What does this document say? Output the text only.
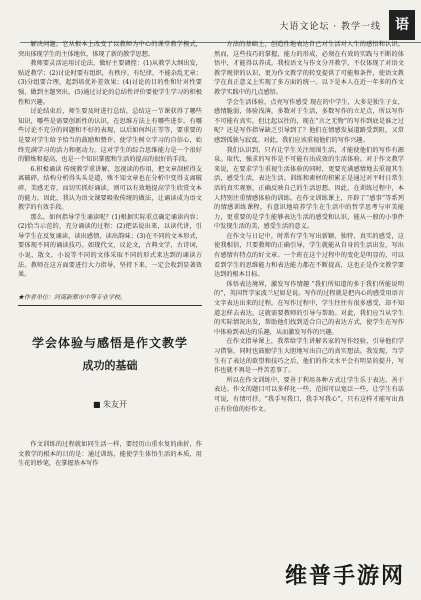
大语文论坛 · 教学一线	语

解决问题。它从根本上改变了以教师为中心的课堂教学模式，突出体现学生的主体地位，体现了新的教学思想。

教师要灵活运用讨论法，做好主要调控：(1)从教学大纲出发，贴近教学；(2)讨论时要有组织，有秩序，有纪律，不能杂乱无章；(3)分组要合理，起到培优补差效果；(4)讨论的目的性和针对性要强，做到主题突出。(5)通过讨论的总结性评价要使学生学习的积极性和兴趣。

讨论结束后，师生要及时进行总结，总结这一节课获得了哪些知识，哪些是需要创新性的认识，在思维方法上有哪些进步。有哪些讨论不充分的问题和不好的表现，以后如何纠正等等，要重要的是要对学生给予恰当的鼓励和赞许，使学生树立学习的自信心，始终充满学习的活力和驱动力。这对学生的综合思维能力是一个很好的锻炼和提高，也是一个知识掌握和生活的提高的很好的手段。

6.积极诵读 传统教学重讲解，忽视读的作用，把文章剖析得支离破碎，结构分析得头头是道，殊不知文章也在分析中变得支离破碎，美感无存，而切实抓好诵读，则可以有效地提高学生欣赏文本的能力。因此，我认为语文课要吸收传统的做法，让诵读成为语文教学的有效手段。

那么，如何指导学生诵读呢？(1)根据实际重点确定诵读内容；(2)恰当示范的，充分诵读的过程：(2)把话说出来，以读代讲，引导学生在反复诵读，读出感情，读出韵味；(3)在不同的文本形式，要体现不同的诵读技巧。如现代文，议论文，古典文学，古诗词，小说，散文，小说等不同的文体采取不同的形式来达到的诵读方法。教师在这方面要进行大力指导，坚持下来，一定会收到显著效果。

★作者单位：河南新郑市中等专业学校。
学会体验与感悟是作文教学
成功的基础
■ 朱友开

作文训练的过程就如同生活一样，要经历山重水复的曲折，作文教学的根本的目的是：通过训练，能使学生体悟生活的本质，用生花的妙笔，在掌握基本写作

方法的基础上，创造性地表达自己对生活对人生的感悟和认识。然而，这些技巧的掌握，能力的形成，必须在有效的实践与不断的体悟中，才能得以养成。我校语文与作文分开教学，不仅体现了对语文教学规律的认识，更为作文教学的转变提供了可能和条件，使语文教学在真正意义上实现了多方面的统一。以下是本人在近一年多的作文教学实践中的几点感悟。

学会生活体验，点亮写作感受 现在的中学生，大多是独生子女，感情脆弱，体验浅薄，多数对于生活，多数写作的立足点，所以写作不可能有真实，但比起以往的，现在“言之无物”的写作到底是谁之过呢？还是写作指导缺乏引导到了？他们在情感发展道路受到阻，又常感到孤独与寂寞。对此，我们应该重视他们的写作兴趣。

我们认识到，只有让学生关注周围生活，才能使他们的写作有源泉。取代，强求的写作是不可能有出成效的生活体验。对于作文教学来说，在要求学生重视生活体验的同时，更要充满感情地去重视其生活，感受生活，表达生活。训练和素材的积累正是通过对平时日常生活的真实观察，正确反映自己的生活思想。因此，在训练过程中，本人特别注重情感体验的训练。在作文训练课上，开辟了“感事”等系列的情感训练课程，有意识地培养学生在生活中的哲学思考与审美能力，更重要的是学生能够表达生活的感受和认识，能从一般的小事件中发现生活的美，感受生活的意义。

在作文与日记中，时常有学生写出新颖、独特、真实的感受，这使我相信，只要教师的正确引导，学生就能从自身的生活出发，写出有感情有特点的好文章。一个班在这个过程中的变化是明显的，可以看到学生的思维能力和表达能力都在不断提高，这也正是作文教学要达到的根本目标。

体悟表达境界，激发写作情趣 “我们所知道的多于我们所能说明的”，英国哲学家波兰尼如是说。写作的过程就是把内心的感受用语言文字表达出来的过程。在写作过程中，学生往往有很多感受，却不知道怎样去表达，这就需要教师的引导与帮助。对此，我们应当从学生的实际情况出发，帮助他们找到适合自己的表达方式，使学生在写作中体验到表达的乐趣，从而激发写作的兴趣。

在作文指导课上，我常给学生讲解名家的写作经验，引导他们学习借鉴，同时也鼓励学生大胆地写出自己的真实想法。我发现，当学生有了表达的欲望和技巧之后，他们的作文水平会有明显的提升，写作也就不再是一件苦差事了。

所以在作文训练中，要善于利用各种方式让学生乐于表达，善于表达。作文的题目可以多样化一些，范围可以宽泛一些，让学生有话可说，有情可抒。“我手写我口，我手写我心”，只有这样才能写出真正有价值的好作文。

维普手游网
